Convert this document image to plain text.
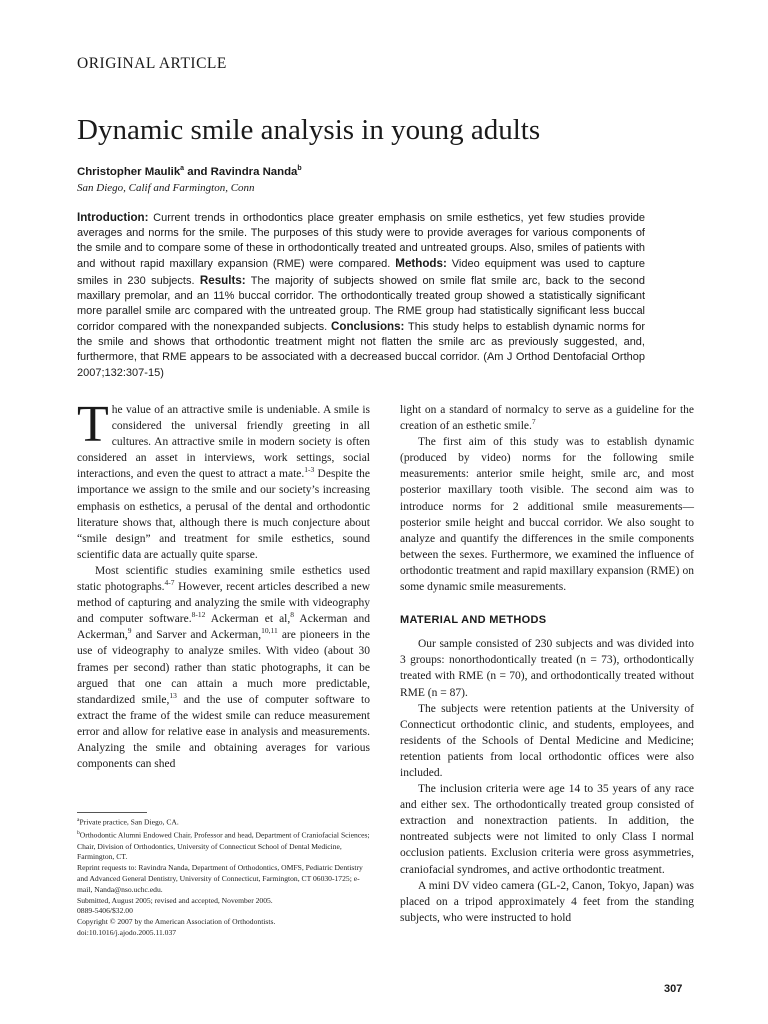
ORIGINAL ARTICLE
Dynamic smile analysis in young adults
Christopher Maulik$^a$ and Ravindra Nanda$^b$
San Diego, Calif and Farmington, Conn
Introduction: Current trends in orthodontics place greater emphasis on smile esthetics, yet few studies provide averages and norms for the smile. The purposes of this study were to provide averages for various components of the smile and to compare some of these in orthodontically treated and untreated groups. Also, smiles of patients with and without rapid maxillary expansion (RME) were compared. Methods: Video equipment was used to capture smiles in 230 subjects. Results: The majority of subjects showed on smile flat smile arc, back to the second maxillary premolar, and an 11% buccal corridor. The orthodontically treated group showed a statistically significant more parallel smile arc compared with the untreated group. The RME group had statistically significant less buccal corridor compared with the nonexpanded subjects. Conclusions: This study helps to establish dynamic norms for the smile and shows that orthodontic treatment might not flatten the smile arc as previously suggested, and, furthermore, that RME appears to be associated with a decreased buccal corridor. (Am J Orthod Dentofacial Orthop 2007;132:307-15)

The value of an attractive smile is undeniable. A smile is considered the universal friendly greeting in all cultures. An attractive smile in modern society is often considered an asset in interviews, work settings, social interactions, and even the quest to attract a mate.$^{1-3}$ Despite the importance we assign to the smile and our society’s increasing emphasis on esthetics, a perusal of the dental and orthodontic literature shows that, although there is much conjecture about “smile design” and treatment for smile esthetics, sound scientific data are actually quite sparse.

Most scientific studies examining smile esthetics used static photographs.$^{4-7}$ However, recent articles described a new method of capturing and analyzing the smile with videography and computer software.$^{8-12}$ Ackerman et al,$^8$ Ackerman and Ackerman,$^9$ and Sarver and Ackerman,$^{10,11}$ are pioneers in the use of videography to analyze smiles. With video (about 30 frames per second) rather than static photographs, it can be argued that one can attain a much more predictable, standardized smile,$^{13}$ and the use of computer software to extract the frame of the widest smile can reduce measurement error and allow for relative ease in analysis and measurements. Analyzing the smile and obtaining averages for various components can shed

light on a standard of normalcy to serve as a guideline for the creation of an esthetic smile.$^7$

The first aim of this study was to establish dynamic (produced by video) norms for the following smile measurements: anterior smile height, smile arc, and most posterior maxillary tooth visible. The second aim was to introduce norms for 2 additional smile measurements—posterior smile height and buccal corridor. We also sought to analyze and quantify the differences in the smile components between the sexes. Furthermore, we examined the influence of orthodontic treatment and rapid maxillary expansion (RME) on some dynamic smile measurements.

MATERIAL AND METHODS

Our sample consisted of 230 subjects and was divided into 3 groups: nonorthodontically treated (n = 73), orthodontically treated with RME (n = 70), and orthodontically treated without RME (n = 87).

The subjects were retention patients at the University of Connecticut orthodontic clinic, and students, employees, and residents of the Schools of Dental Medicine and Medicine; retention patients from local orthodontic offices were also included.

The inclusion criteria were age 14 to 35 years of any race and either sex. The orthodontically treated group consisted of extraction and nonextraction patients. In addition, the nontreated subjects were not limited to only Class I normal occlusion patients. Exclusion criteria were gross asymmetries, craniofacial syndromes, and active orthodontic treatment.

A mini DV video camera (GL-2, Canon, Tokyo, Japan) was placed on a tripod approximately 4 feet from the standing subjects, who were instructed to hold

$^a$Private practice, San Diego, CA.
$^b$Orthodontic Alumni Endowed Chair, Professor and head, Department of Craniofacial Sciences; Chair, Division of Orthodontics, University of Connecticut School of Dental Medicine, Farmington, CT.
Reprint requests to: Ravindra Nanda, Department of Orthodontics, OMFS, Pediatric Dentistry and Advanced General Dentistry, University of Connecticut, Farmington, CT 06030-1725; e-mail, Nanda@nso.uchc.edu.
Submitted, August 2005; revised and accepted, November 2005.
0889-5406/$32.00
Copyright © 2007 by the American Association of Orthodontists.
doi:10.1016/j.ajodo.2005.11.037
307
